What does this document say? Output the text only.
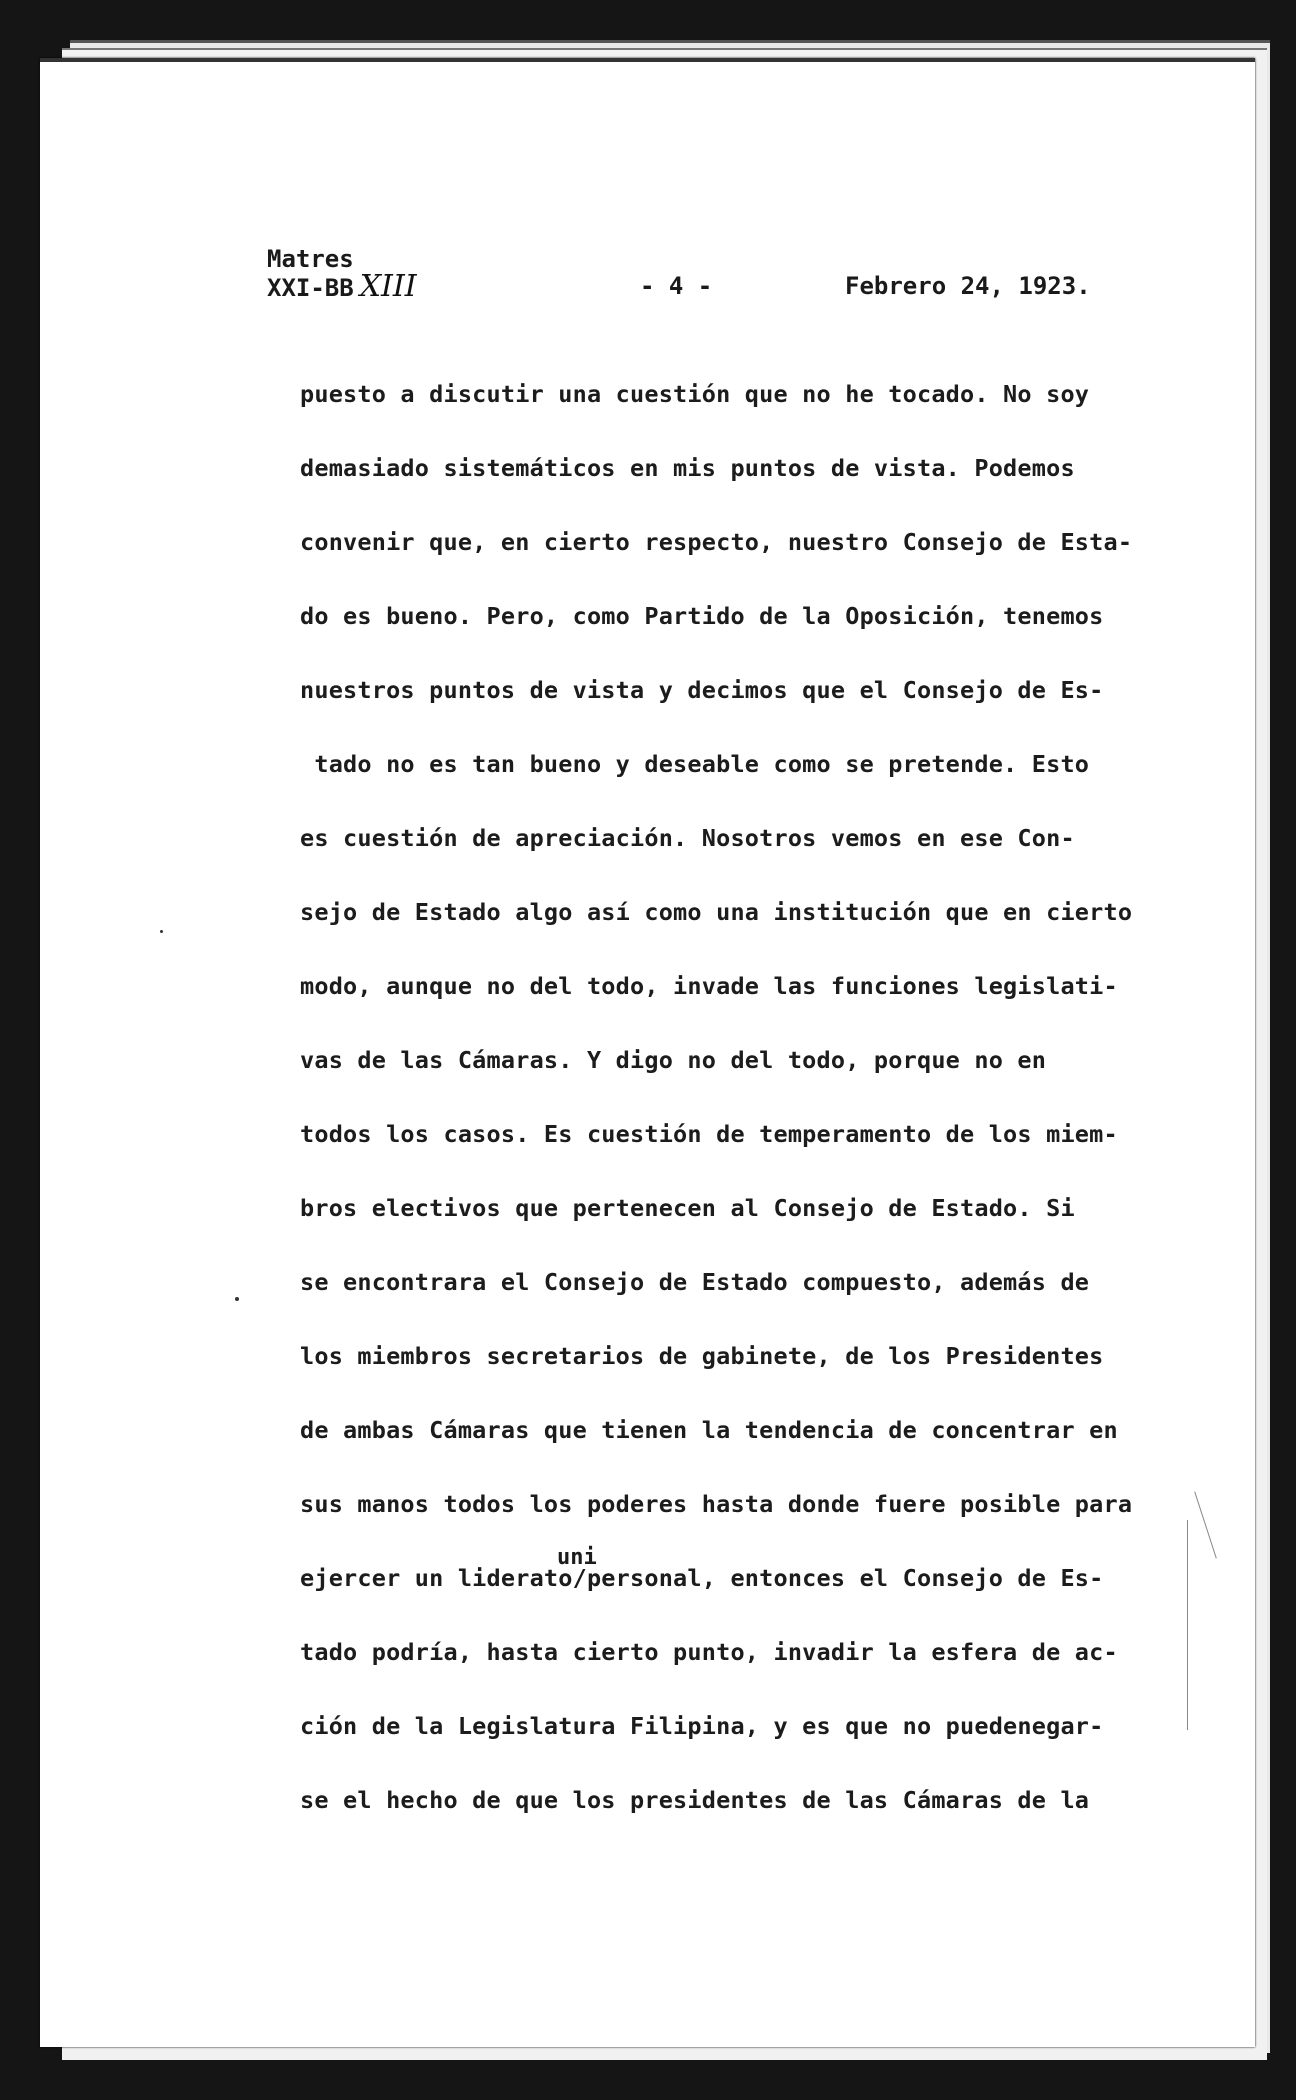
Matres
XXI-BB XIII	- 4 -	Febrero 24, 1923.
uni
puesto a discutir una cuestión que no he tocado. No soy
demasiado sistemáticos en mis puntos de vista. Podemos
convenir que, en cierto respecto, nuestro Consejo de Esta-
do es bueno. Pero, como Partido de la Oposición, tenemos
nuestros puntos de vista y decimos que el Consejo de Es-
tado no es tan bueno y deseable como se pretende. Esto
es cuestión de apreciación. Nosotros vemos en ese Con-
sejo de Estado algo así como una institución que en cierto
modo, aunque no del todo, invade las funciones legislati-
vas de las Cámaras. Y digo no del todo, porque no en
todos los casos. Es cuestión de temperamento de los miem-
bros electivos que pertenecen al Consejo de Estado. Si
se encontrara el Consejo de Estado compuesto, además de
los miembros secretarios de gabinete, de los Presidentes
de ambas Cámaras que tienen la tendencia de concentrar en
sus manos todos los poderes hasta donde fuere posible para
ejercer un liderato/personal, entonces el Consejo de Es-
tado podría, hasta cierto punto, invadir la esfera de ac-
ción de la Legislatura Filipina, y es que no puedenegar-
se el hecho de que los presidentes de las Cámaras de la
